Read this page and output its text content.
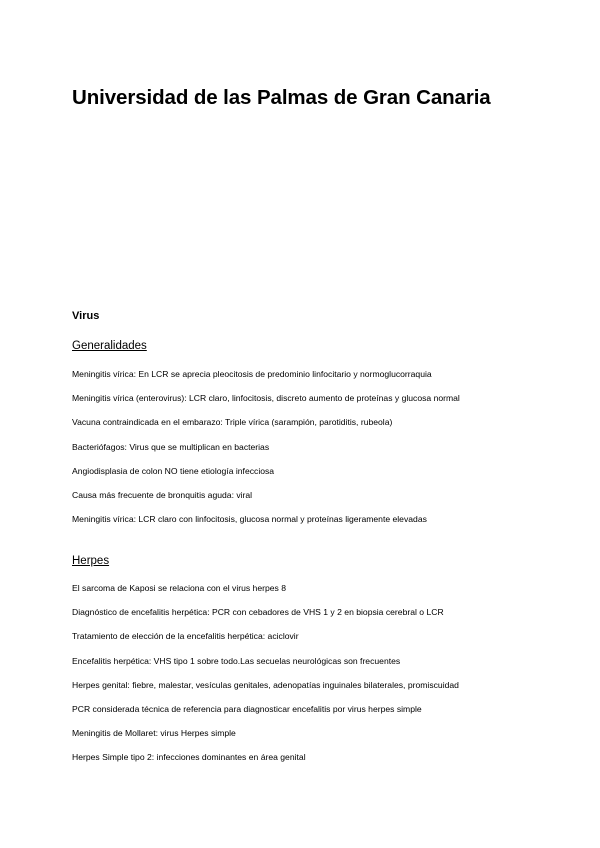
Universidad de las Palmas de Gran Canaria
Virus
Generalidades
Meningitis vírica: En LCR se aprecia pleocitosis de predominio linfocitario y normoglucorraquia
Meningitis vírica (enterovirus): LCR claro, linfocitosis, discreto aumento de proteínas y glucosa normal
Vacuna contraindicada en el embarazo: Triple vírica (sarampión, parotiditis, rubeola)
Bacteriófagos: Virus que se multiplican en bacterias
Angiodisplasia de colon NO tiene etiología infecciosa
Causa más frecuente de bronquitis aguda: viral
Meningitis vírica: LCR claro con linfocitosis, glucosa normal y proteínas ligeramente elevadas
Herpes
El sarcoma de Kaposi se relaciona con el virus herpes 8
Diagnóstico de encefalitis herpética: PCR con cebadores de VHS 1 y 2 en biopsia cerebral o LCR
Tratamiento de elección de la encefalitis herpética: aciclovir
Encefalitis herpética: VHS tipo 1 sobre todo.Las secuelas neurológicas son frecuentes
Herpes genital: fiebre, malestar, vesículas genitales, adenopatías inguinales bilaterales, promiscuidad
PCR considerada técnica de referencia para diagnosticar encefalitis por virus herpes simple
Meningitis de Mollaret: virus Herpes simple
Herpes Simple tipo 2: infecciones dominantes en área genital
